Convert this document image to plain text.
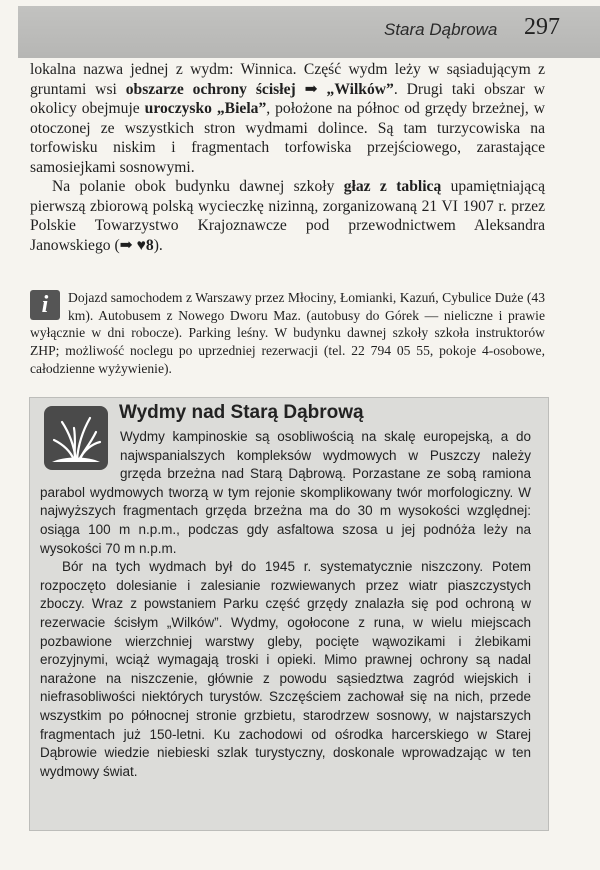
Stara Dąbrowa 297

lokalna nazwa jednej z wydm: Winnica. Część wydm leży w sąsiadującym z gruntami wsi obszarze ochrony ścisłej ➡ „Wilków”. Drugi taki obszar w okolicy obejmuje uroczysko „Biela”, położone na północ od grzędy brzeżnej, w otoczonej ze wszystkich stron wydmami dolince. Są tam turzycowiska na torfowisku niskim i fragmentach torfowiska przejściowego, zarastające samosiejkami sosnowymi.

Na polanie obok budynku dawnej szkoły głaz z tablicą upamiętniającą pierwszą zbiorową polską wycieczkę nizinną, zorganizowaną 21 VI 1907 r. przez Polskie Towarzystwo Krajoznawcze pod przewodnictwem Aleksandra Janowskiego (➡ ♥8).

i	Dojazd samochodem z Warszawy przez Młociny, Łomianki, Kazuń, Cybulice Duże (43 km). Autobusem z Nowego Dworu Maz. (autobusy do Górek — nieliczne i prawie wyłącznie w dni robocze). Parking leśny. W budynku dawnej szkoły szkoła instruktorów ZHP; możliwość noclegu po uprzedniej rezerwacji (tel. 22 794 05 55, pokoje 4-osobowe, całodzienne wyżywienie).

Wydmy nad Starą Dąbrową

Wydmy kampinoskie są osobliwością na skalę europejską, a do najwspanialszych kompleksów wydmowych w Puszczy należy grzęda brzeżna nad Starą Dąbrową. Porzastane ze sobą ramiona parabol wydmowych tworzą w tym rejonie skomplikowany twór morfologiczny. W najwyższych fragmentach grzęda brzeżna ma do 30 m wysokości względnej: osiąga 100 m n.p.m., podczas gdy asfaltowa szosa u jej podnóża leży na wysokości 70 m n.p.m.

Bór na tych wydmach był do 1945 r. systematycznie niszczony. Potem rozpoczęto dolesianie i zalesianie rozwiewanych przez wiatr piaszczystych zboczy. Wraz z powstaniem Parku część grzędy znalazła się pod ochroną w rezerwacie ścisłym „Wilków”. Wydmy, ogołocone z runa, w wielu miejscach pozbawione wierzchniej warstwy gleby, pocięte wąwozikami i żlebikami erozyjnymi, wciąż wymagają troski i opieki. Mimo prawnej ochrony są nadal narażone na niszczenie, głównie z powodu sąsiedztwa zagród wiejskich i niefrasobliwości niektórych turystów. Szczęściem zachował się na nich, przede wszystkim po północnej stronie grzbietu, starodrzew sosnowy, w najstarszych fragmentach już 150-letni. Ku zachodowi od ośrodka harcerskiego w Starej Dąbrowie wiedzie niebieski szlak turystyczny, doskonale wprowadzając w ten wydmowy świat.
